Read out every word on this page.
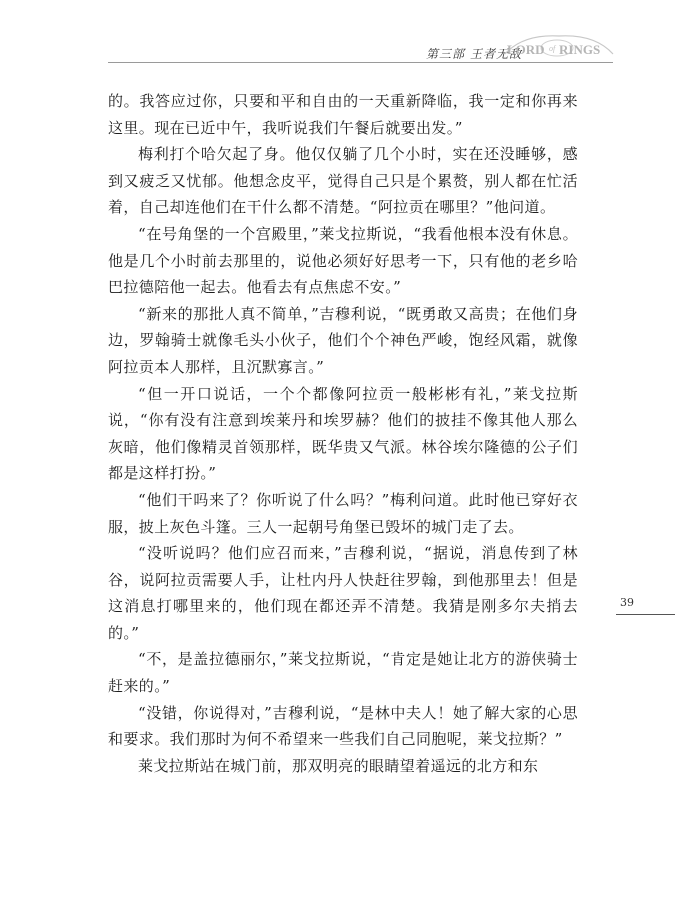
第三部 王者无敌
LORD of RINGS

的。我答应过你，只要和平和自由的一天重新降临，我一定和你再来这里。现在已近中午，我听说我们午餐后就要出发。”

梅利打个哈欠起了身。他仅仅躺了几个小时，实在还没睡够，感到又疲乏又忧郁。他想念皮平，觉得自己只是个累赘，别人都在忙活着，自己却连他们在干什么都不清楚。“阿拉贡在哪里？”他问道。

“在号角堡的一个宫殿里，”莱戈拉斯说，“我看他根本没有休息。他是几个小时前去那里的，说他必须好好思考一下，只有他的老乡哈巴拉德陪他一起去。他看去有点焦虑不安。”

“新来的那批人真不简单，”吉穆利说，“既勇敢又高贵；在他们身边，罗翰骑士就像毛头小伙子，他们个个神色严峻，饱经风霜，就像阿拉贡本人那样，且沉默寡言。”

“但一开口说话，一个个都像阿拉贡一般彬彬有礼，”莱戈拉斯说，“你有没有注意到埃莱丹和埃罗赫？他们的披挂不像其他人那么灰暗，他们像精灵首领那样，既华贵又气派。林谷埃尔隆德的公子们都是这样打扮。”

“他们干吗来了？你听说了什么吗？”梅利问道。此时他已穿好衣服，披上灰色斗篷。三人一起朝号角堡已毁坏的城门走了去。

“没听说吗？他们应召而来，”吉穆利说，“据说，消息传到了林谷，说阿拉贡需要人手，让杜内丹人快赶往罗翰，到他那里去！但是这消息打哪里来的，他们现在都还弄不清楚。我猜是刚多尔夫捎去的。”

“不，是盖拉德丽尔，”莱戈拉斯说，“肯定是她让北方的游侠骑士赶来的。”

“没错，你说得对，”吉穆利说，“是林中夫人！她了解大家的心思和要求。我们那时为何不希望来一些我们自己同胞呢，莱戈拉斯？”

莱戈拉斯站在城门前，那双明亮的眼睛望着遥远的北方和东

39
